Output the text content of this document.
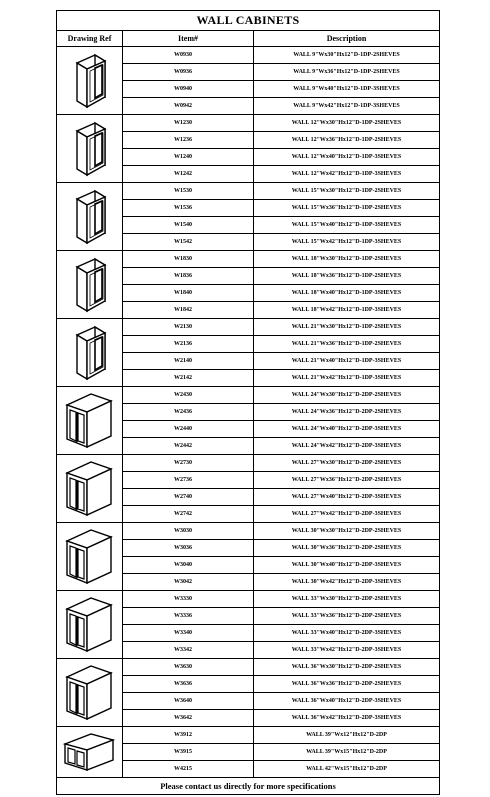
WALL CABINETS		
Drawing Ref	Item#	Description

	W0930	WALL 9"Wx30"Hx12"D-1DP-2SHEVES
	W0936	WALL 9"Wx36"Hx12"D-1DP-2SHEVES
	W0940	WALL 9"Wx40"Hx12"D-1DP-3SHEVES
	W0942	WALL 9"Wx42"Hx12"D-1DP-3SHEVES

	W1230	WALL 12"Wx30"Hx12"D-1DP-2SHEVES
	W1236	WALL 12"Wx36"Hx12"D-1DP-2SHEVES
	W1240	WALL 12"Wx40"Hx12"D-1DP-3SHEVES
	W1242	WALL 12"Wx42"Hx12"D-1DP-3SHEVES

	W1530	WALL 15"Wx30"Hx12"D-1DP-2SHEVES
	W1536	WALL 15"Wx36"Hx12"D-1DP-2SHEVES
	W1540	WALL 15"Wx40"Hx12"D-1DP-3SHEVES
	W1542	WALL 15"Wx42"Hx12"D-1DP-3SHEVES

	W1830	WALL 18"Wx30"Hx12"D-1DP-2SHEVES
	W1836	WALL 18"Wx36"Hx12"D-1DP-2SHEVES
	W1840	WALL 18"Wx40"Hx12"D-1DP-3SHEVES
	W1842	WALL 18"Wx42"Hx12"D-1DP-3SHEVES

	W2130	WALL 21"Wx30"Hx12"D-1DP-2SHEVES
	W2136	WALL 21"Wx36"Hx12"D-1DP-2SHEVES
	W2140	WALL 21"Wx40"Hx12"D-1DP-3SHEVES
	W2142	WALL 21"Wx42"Hx12"D-1DP-3SHEVES

	W2430	WALL 24"Wx30"Hx12"D-2DP-2SHEVES
	W2436	WALL 24"Wx36"Hx12"D-2DP-2SHEVES
	W2440	WALL 24"Wx40"Hx12"D-2DP-3SHEVES
	W2442	WALL 24"Wx42"Hx12"D-2DP-3SHEVES

	W2730	WALL 27"Wx30"Hx12"D-2DP-2SHEVES
	W2736	WALL 27"Wx36"Hx12"D-2DP-2SHEVES
	W2740	WALL 27"Wx40"Hx12"D-2DP-3SHEVES
	W2742	WALL 27"Wx42"Hx12"D-2DP-3SHEVES

	W3030	WALL 30"Wx30"Hx12"D-2DP-2SHEVES
	W3036	WALL 30"Wx36"Hx12"D-2DP-2SHEVES
	W3040	WALL 30"Wx40"Hx12"D-2DP-3SHEVES
	W3042	WALL 30"Wx42"Hx12"D-2DP-3SHEVES

	W3330	WALL 33"Wx30"Hx12"D-2DP-2SHEVES
	W3336	WALL 33"Wx36"Hx12"D-2DP-2SHEVES
	W3340	WALL 33"Wx40"Hx12"D-2DP-3SHEVES
	W3342	WALL 33"Wx42"Hx12"D-2DP-3SHEVES

	W3630	WALL 36"Wx30"Hx12"D-2DP-2SHEVES
	W3636	WALL 36"Wx36"Hx12"D-2DP-2SHEVES
	W3640	WALL 36"Wx40"Hx12"D-2DP-3SHEVES
	W3642	WALL 36"Wx42"Hx12"D-2DP-3SHEVES

	W3912	WALL 39"Wx12"Hx12"D-2DP
	W3915	WALL 39"Wx15"Hx12"D-2DP
	W4215	WALL 42"Wx15"Hx12"D-2DP
Please contact us directly for more specifications		
